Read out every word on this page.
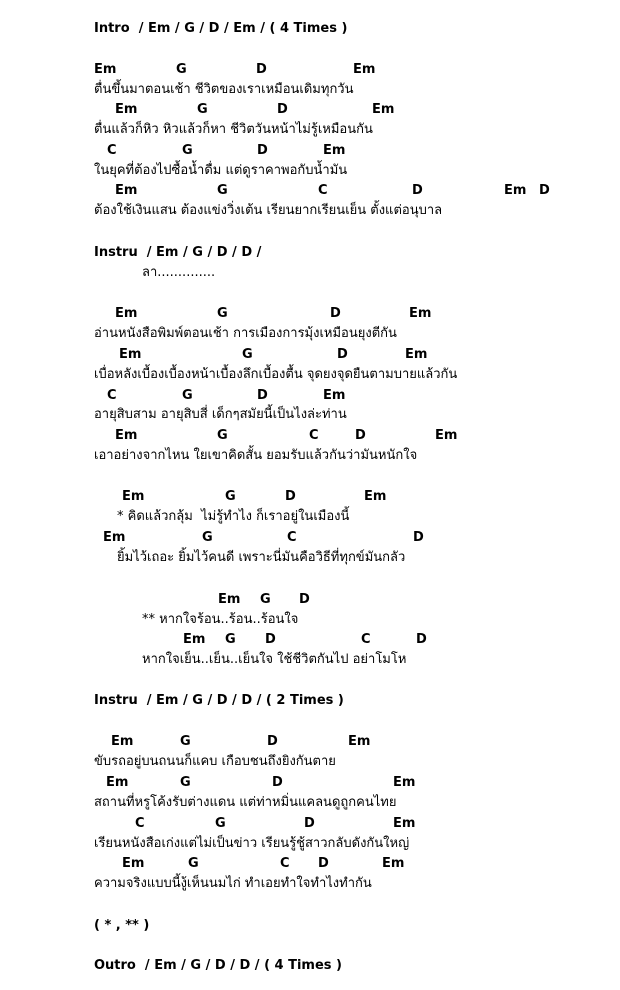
Intro  / Em / G / D / Em / ( 4 Times )

Em

	G

	D

	Em

ตื่นขึ้นมาตอนเช้า ชีวิตของเราเหมือนเดิมทุกวัน

Em

	G

	D

	Em

ตื่นแล้วก็หิว หิวแล้วก็หา ชีวิตวันหน้าไม่รู้เหมือนกัน

C

	G

	D

	Em

ในยุคที่ต้องไปซื้อน้ำดื่ม แต่ดูราคาพอกับน้ำมัน

Em

	G

	C

	D

	Em

D

ต้องใช้เงินแสน ต้องแข่งวิ่งเต้น เรียนยากเรียนเย็น ตั้งแต่อนุบาล
Instru  / Em / G / D / D /
ลา..............

Em

	G

	D

	Em

อ่านหนังสือพิมพ์ตอนเช้า การเมืองการมุ้งเหมือนยุงตีกัน

Em

	G

	D

	Em

เบื่อหลังเบื้องเบื้องหน้าเบื้องลึกเบื้องตื้น จุดยงจุดยืนตามบายแล้วกัน

C

	G

	D

	Em

อายุสิบสาม อายุสิบสี่ เด็กๆสมัยนี้เป็นไงล่ะท่าน

Em

	G

	C

	D

	Em

เอาอย่างจากไหน ใยเขาคิดสั้น ยอมรับแล้วกันว่ามันหนักใจ

Em

	G

	D

	Em

* คิดแล้วกลุ้ม  ไม่รู้ทำไง ก็เราอยู่ในเมืองนี้

Em

	G

	C

	D

ยิ้มไว้เถอะ ยิ้มไว้คนดี เพราะนี่มันคือวิธีที่ทุกข์มันกลัว

Em

G

D

** หากใจร้อน..ร้อน..ร้อนใจ

Em

G

D

	C

	D

หากใจเย็น..เย็น..เย็นใจ ใช้ชีวิตกันไป อย่าโมโห
Instru  / Em / G / D / D / ( 2 Times )

Em

	G

	D

	Em

ขับรถอยู่บนถนนก็แคบ เกือบชนถึงยิงกันตาย

Em

	G

	D

	Em

สถานที่หรูโค้งรับต่างแดน แต่ท่าหมิ่นแคลนดูถูกคนไทย

C

	G

	D

	Em

เรียนหนังสือเก่งแต่ไม่เป็นข่าว เรียนรู้ชู้สาวกลับดังกันใหญ่

Em

	G

	C

D

	Em

ความจริงแบบนี้งู้เห็นนมไก่ ทำเอยทำใจทำไงทำกัน
( * , ** )
Outro  / Em / G / D / D / ( 4 Times )
